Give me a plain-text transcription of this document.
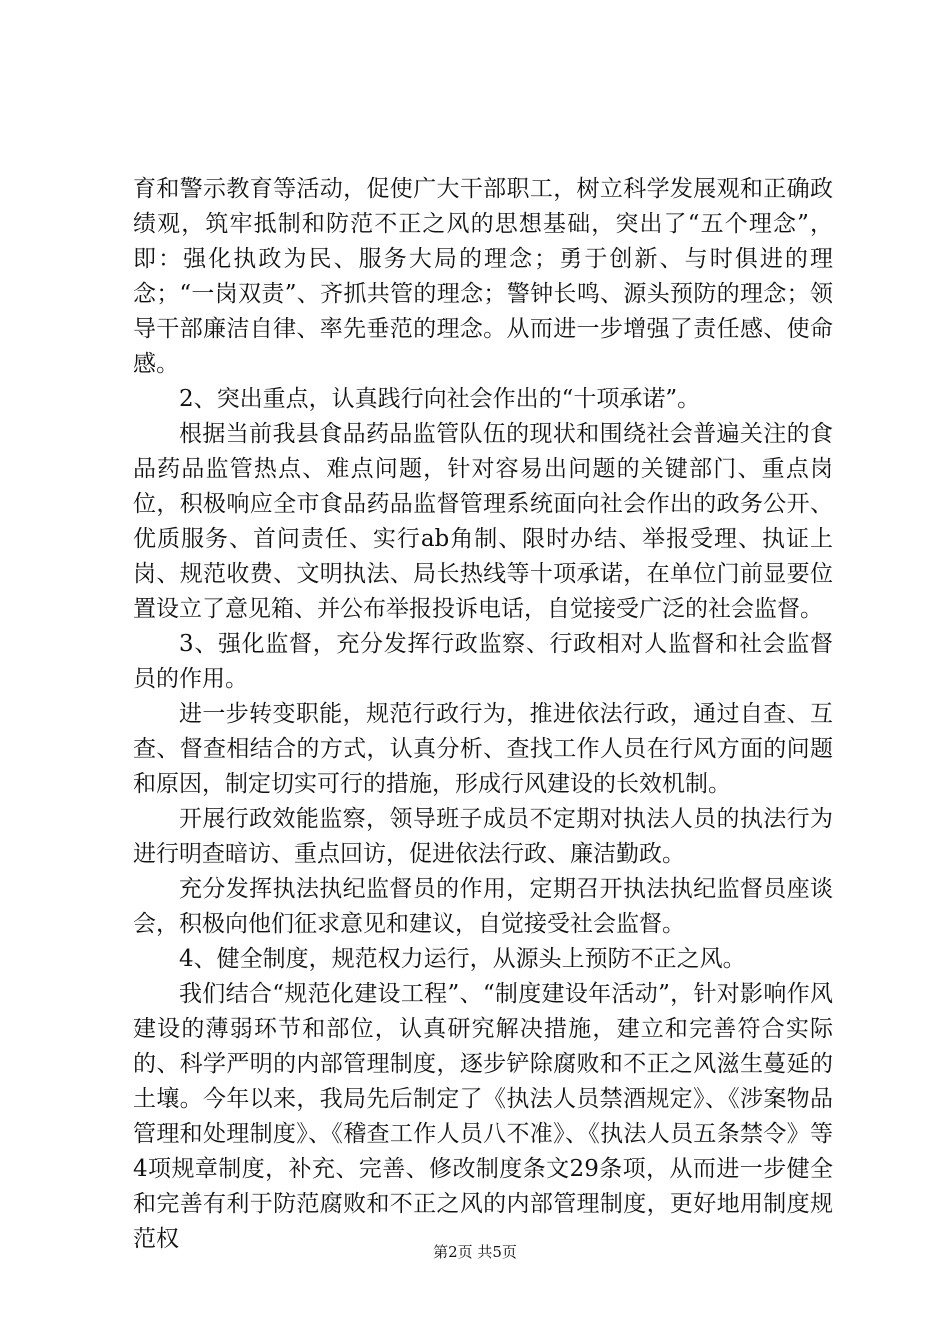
育和警示教育等活动，促使广大干部职工，树立科学发展观和正确政绩观，筑牢抵制和防范不正之风的思想基础，突出了“五个理念”，即：强化执政为民、服务大局的理念；勇于创新、与时俱进的理念；“一岗双责”、齐抓共管的理念；警钟长鸣、源头预防的理念；领导干部廉洁自律、率先垂范的理念。从而进一步增强了责任感、使命感。

2、突出重点，认真践行向社会作出的“十项承诺”。

根据当前我县食品药品监管队伍的现状和围绕社会普遍关注的食品药品监管热点、难点问题，针对容易出问题的关键部门、重点岗位，积极响应全市食品药品监督管理系统面向社会作出的政务公开、优质服务、首问责任、实行ab角制、限时办结、举报受理、执证上岗、规范收费、文明执法、局长热线等十项承诺，在单位门前显要位置设立了意见箱、并公布举报投诉电话，自觉接受广泛的社会监督。

3、强化监督，充分发挥行政监察、行政相对人监督和社会监督员的作用。

进一步转变职能，规范行政行为，推进依法行政，通过自查、互查、督查相结合的方式，认真分析、查找工作人员在行风方面的问题和原因，制定切实可行的措施，形成行风建设的长效机制。

开展行政效能监察，领导班子成员不定期对执法人员的执法行为进行明查暗访、重点回访，促进依法行政、廉洁勤政。

充分发挥执法执纪监督员的作用，定期召开执法执纪监督员座谈会，积极向他们征求意见和建议，自觉接受社会监督。

4、健全制度，规范权力运行，从源头上预防不正之风。

我们结合“规范化建设工程”、“制度建设年活动”，针对影响作风建设的薄弱环节和部位，认真研究解决措施，建立和完善符合实际的、科学严明的内部管理制度，逐步铲除腐败和不正之风滋生蔓延的土壤。今年以来，我局先后制定了《执法人员禁酒规定》、《涉案物品管理和处理制度》、《稽查工作人员八不准》、《执法人员五条禁令》等4项规章制度，补充、完善、修改制度条文29条项，从而进一步健全和完善有利于防范腐败和不正之风的内部管理制度，更好地用制度规范权	第2页 共5页
